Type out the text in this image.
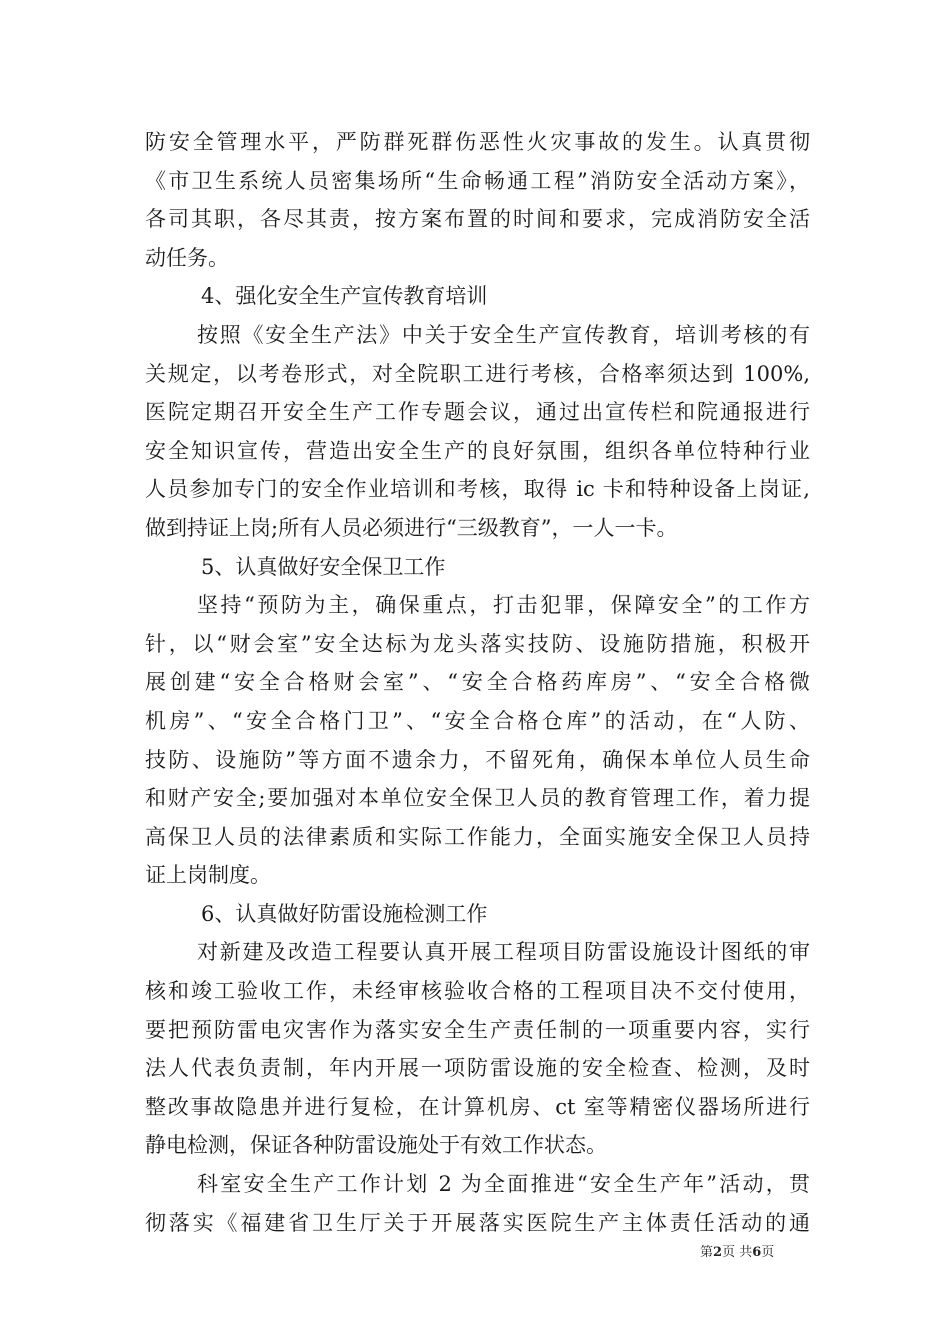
防安全管理水平，严防群死群伤恶性火灾事故的发生。认真贯彻
《市卫生系统人员密集场所“生命畅通工程”消防安全活动方案》，
各司其职，各尽其责，按方案布置的时间和要求，完成消防安全活
动任务。
4、强化安全生产宣传教育培训
按照《安全生产法》中关于安全生产宣传教育，培训考核的有
关规定，以考卷形式，对全院职工进行考核，合格率须达到 100%,
医院定期召开安全生产工作专题会议，通过出宣传栏和院通报进行
安全知识宣传，营造出安全生产的良好氛围，组织各单位特种行业
人员参加专门的安全作业培训和考核，取得 ic 卡和特种设备上岗证,
做到持证上岗;所有人员必须进行“三级教育”，一人一卡。
5、认真做好安全保卫工作
坚持“预防为主，确保重点，打击犯罪，保障安全”的工作方
针，以“财会室”安全达标为龙头落实技防、设施防措施，积极开
展创建“安全合格财会室”、“安全合格药库房”、“安全合格微
机房”、“安全合格门卫”、“安全合格仓库”的活动，在“人防、
技防、设施防”等方面不遗余力，不留死角，确保本单位人员生命
和财产安全;要加强对本单位安全保卫人员的教育管理工作，着力提
高保卫人员的法律素质和实际工作能力，全面实施安全保卫人员持
证上岗制度。
6、认真做好防雷设施检测工作
对新建及改造工程要认真开展工程项目防雷设施设计图纸的审
核和竣工验收工作，未经审核验收合格的工程项目决不交付使用，
要把预防雷电灾害作为落实安全生产责任制的一项重要内容，实行
法人代表负责制，年内开展一项防雷设施的安全检查、检测，及时
整改事故隐患并进行复检，在计算机房、ct 室等精密仪器场所进行
静电检测，保证各种防雷设施处于有效工作状态。
科室安全生产工作计划 2 为全面推进“安全生产年”活动，贯
彻落实《福建省卫生厅关于开展落实医院生产主体责任活动的通
第2页 共6页
